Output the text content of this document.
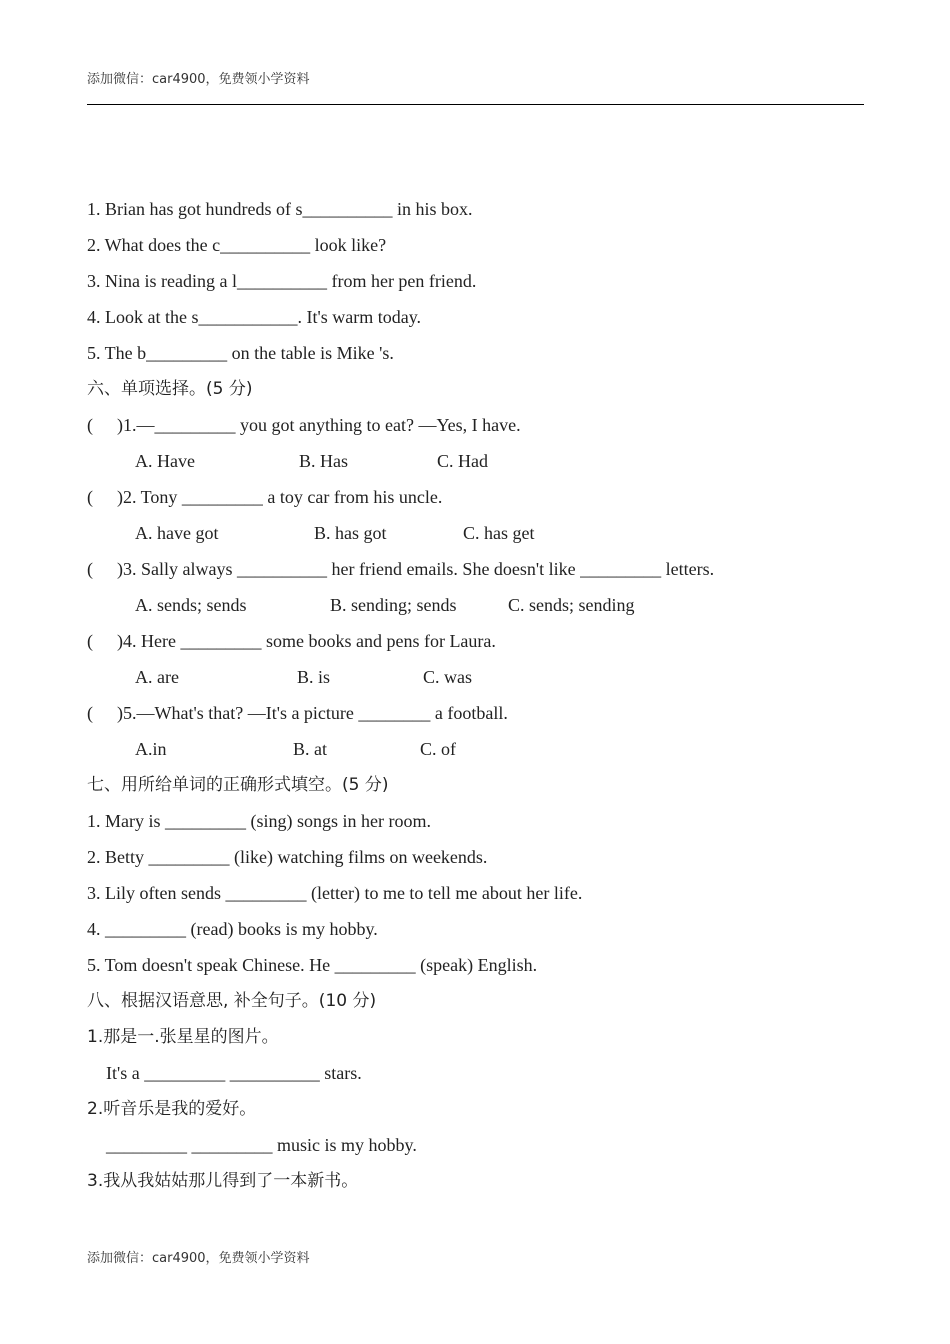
添加微信：car4900，免费领小学资料
1. Brian has got hundreds of s__________ in his box.
2. What does the c__________ look like?
3. Nina is reading a l__________ from her pen friend.
4. Look at the s___________. It's warm today.
5. The b_________ on the table is Mike 's.
六、单项选择。(5 分)
( )1.—_________ you got anything to eat? —Yes, I have.
A. Have	B. Has	C. Had
( )2. Tony _________ a toy car from his uncle.
A. have got	B. has got	C. has get
( )3. Sally always __________ her friend emails. She doesn't like _________ letters.
A. sends; sends	B. sending; sends	C. sends; sending
( )4. Here _________ some books and pens for Laura.
A. are	B. is	C. was
( )5.—What's that? —It's a picture ________ a football.
A.in	B. at	C. of
七、用所给单词的正确形式填空。(5 分)
1. Mary is _________ (sing) songs in her room.
2. Betty _________ (like) watching films on weekends.
3. Lily often sends _________ (letter) to me to tell me about her life.
4. _________ (read) books is my hobby.
5. Tom doesn't speak Chinese. He _________ (speak) English.
八、根据汉语意思, 补全句子。(10 分)
1.那是一.张星星的图片。
It's a _________ __________ stars.
2.听音乐是我的爱好。
_________ _________ music is my hobby.
3.我从我姑姑那儿得到了一本新书。
添加微信：car4900，免费领小学资料
